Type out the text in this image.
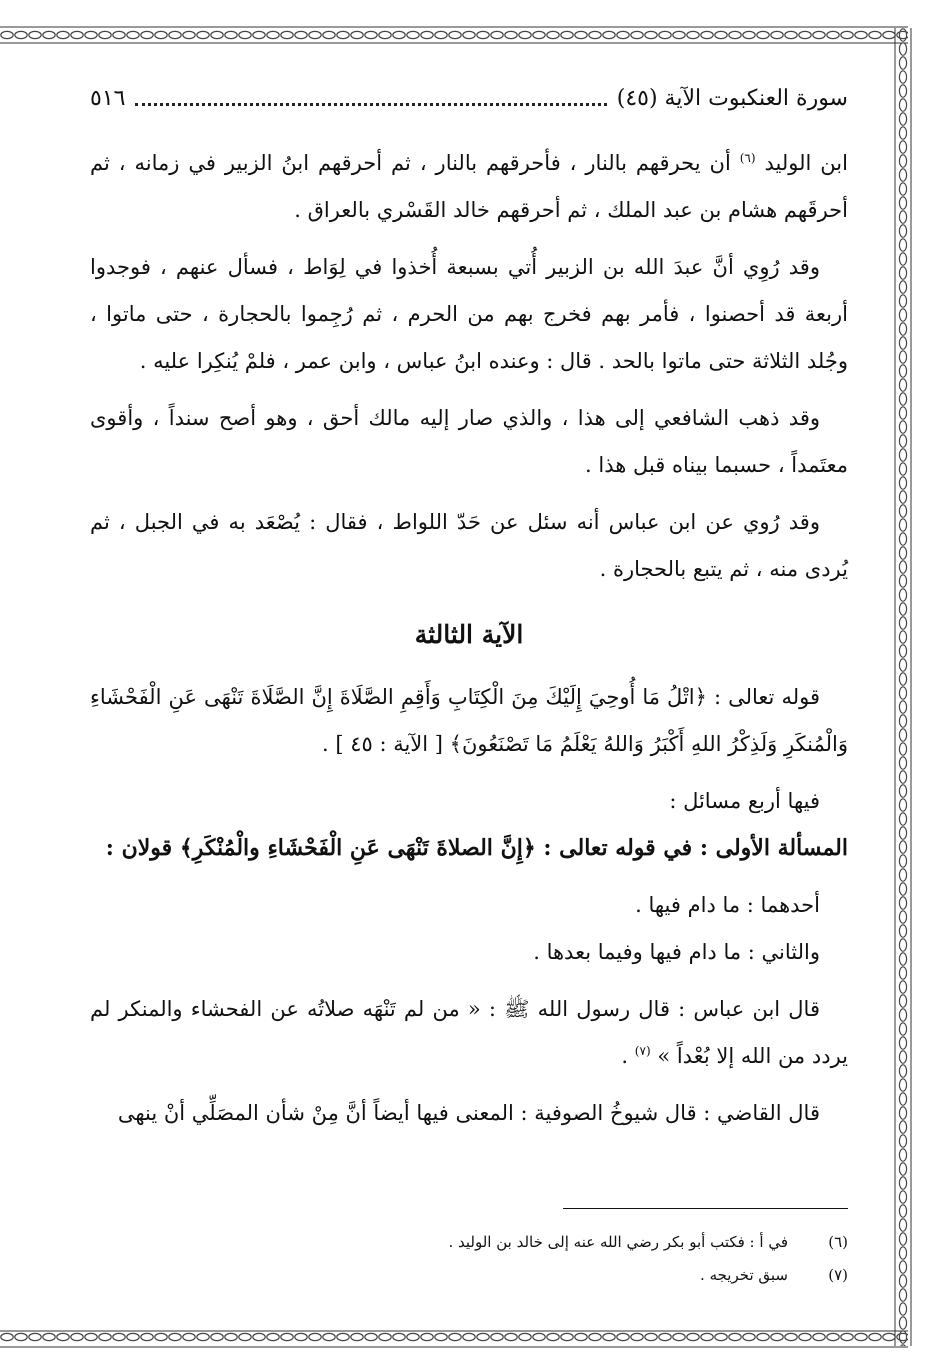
سورة العنكبوت الآية (٤٥)
٥١٦

ابن الوليد $^{(٦)}$ أن يحرقهم بالنار ، فأحرقهم بالنار ، ثم أحرقهم ابنُ الزبير في زمانه ، ثم أحرقَهم هشام بن عبد الملك ، ثم أحرقهم خالد القَسْري بالعراق .

وقد رُوِي أنَّ عبدَ الله بن الزبير أُتي بسبعة أُخذوا في لِوَاط ، فسأل عنهم ، فوجدوا أربعة قد أحصنوا ، فأمر بهم فخرج بهم من الحرم ، ثم رُجِموا بالحجارة ، حتى ماتوا ، وجُلد الثلاثة حتى ماتوا بالحد . قال : وعنده ابنُ عباس ، وابن عمر ، فلمْ يُنكِرا عليه .

وقد ذهب الشافعي إلى هذا ، والذي صار إليه مالك أحق ، وهو أصح سنداً ، وأقوى معتَمداً ، حسبما بيناه قبل هذا .

وقد رُوي عن ابن عباس أنه سئل عن حَدّ اللواط ، فقال : يُصْعَد به في الجبل ، ثم يُردى منه ، ثم يتبع بالحجارة .

الآية الثالثة

قوله تعالى : ﴿اتْلُ مَا أُوحِيَ إِلَيْكَ مِنَ الْكِتَابِ وَأَقِمِ الصَّلَاةَ إِنَّ الصَّلَاةَ تَنْهَى عَنِ الْفَحْشَاءِ وَالْمُنكَرِ وَلَذِكْرُ اللهِ أَكْبَرُ وَاللهُ يَعْلَمُ مَا تَصْنَعُونَ﴾ [ الآية : ٤٥ ] .

فيها أربع مسائل :

المسألة الأولى : في قوله تعالى : ﴿إِنَّ الصلاةَ تَنْهَى عَنِ الْفَحْشَاءِ والْمُنْكَرِ﴾ قولان :

أحدهما : ما دام فيها .

والثاني : ما دام فيها وفيما بعدها .

قال ابن عباس : قال رسول الله ﷺ : « من لم تَنْهَه صلاتُه عن الفحشاء والمنكر لم يردد من الله إلا بُعْداً » $^{(٧)}$ .

قال القاضي : قال شيوخُ الصوفية : المعنى فيها أيضاً أنَّ مِنْ شأن المصَلِّي أنْ ينهى

(٦)
في أ : فكتب أبو بكر رضي الله عنه إلى خالد بن الوليد .
(٧)
سبق تخريجه .
